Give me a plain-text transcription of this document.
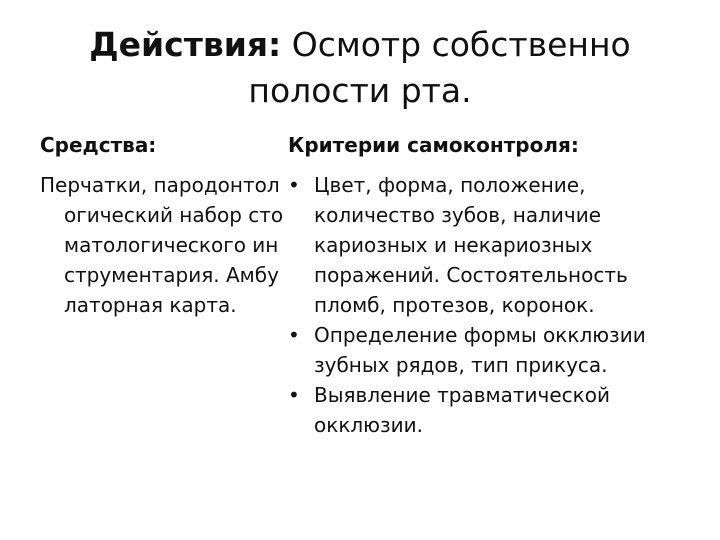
Действия: Осмотр собственно полости рта.
Средства:
Перчатки, пародонтологический набор стоматологического инструментария. Амбулаторная карта.
Критерии самоконтроля:
• Цвет, форма, положение, количество зубов, наличие кариозных и некариозных поражений. Состоятельность пломб, протезов, коронок.
• Определение формы окклюзии зубных рядов, тип прикуса.
• Выявление травматической окклюзии.
